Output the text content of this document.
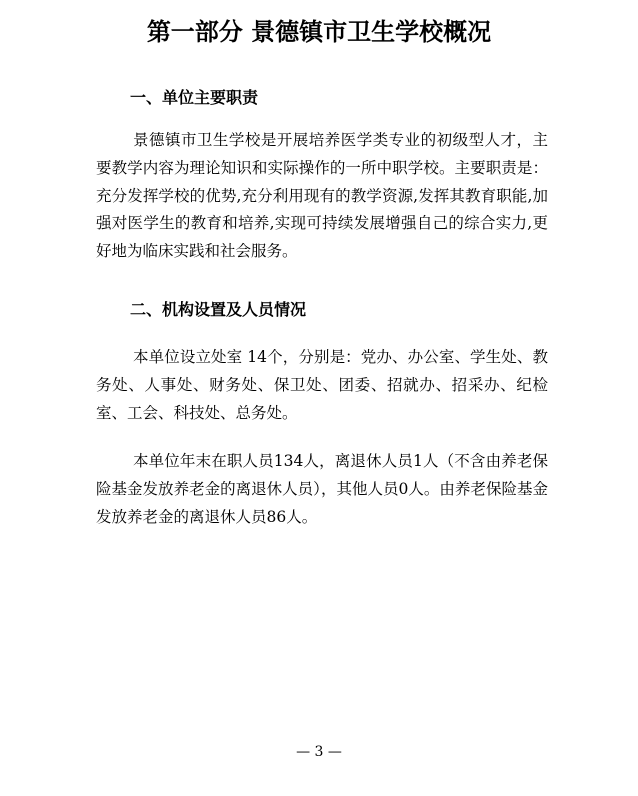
第一部分 景德镇市卫生学校概况
一、单位主要职责

景德镇市卫生学校是开展培养医学类专业的初级型人才，主要教学内容为理论知识和实际操作的一所中职学校。主要职责是：充分发挥学校的优势,充分利用现有的教学资源,发挥其教育职能,加强对医学生的教育和培养,实现可持续发展增强自己的综合实力,更好地为临床实践和社会服务。

二、机构设置及人员情况

本单位设立处室 14个，分别是：党办、办公室、学生处、教务处、人事处、财务处、保卫处、团委、招就办、招采办、纪检室、工会、科技处、总务处。

本单位年末在职人员134人，离退休人员1人（不含由养老保险基金发放养老金的离退休人员），其他人员0人。由养老保险基金发放养老金的离退休人员86人。

— 3 —
